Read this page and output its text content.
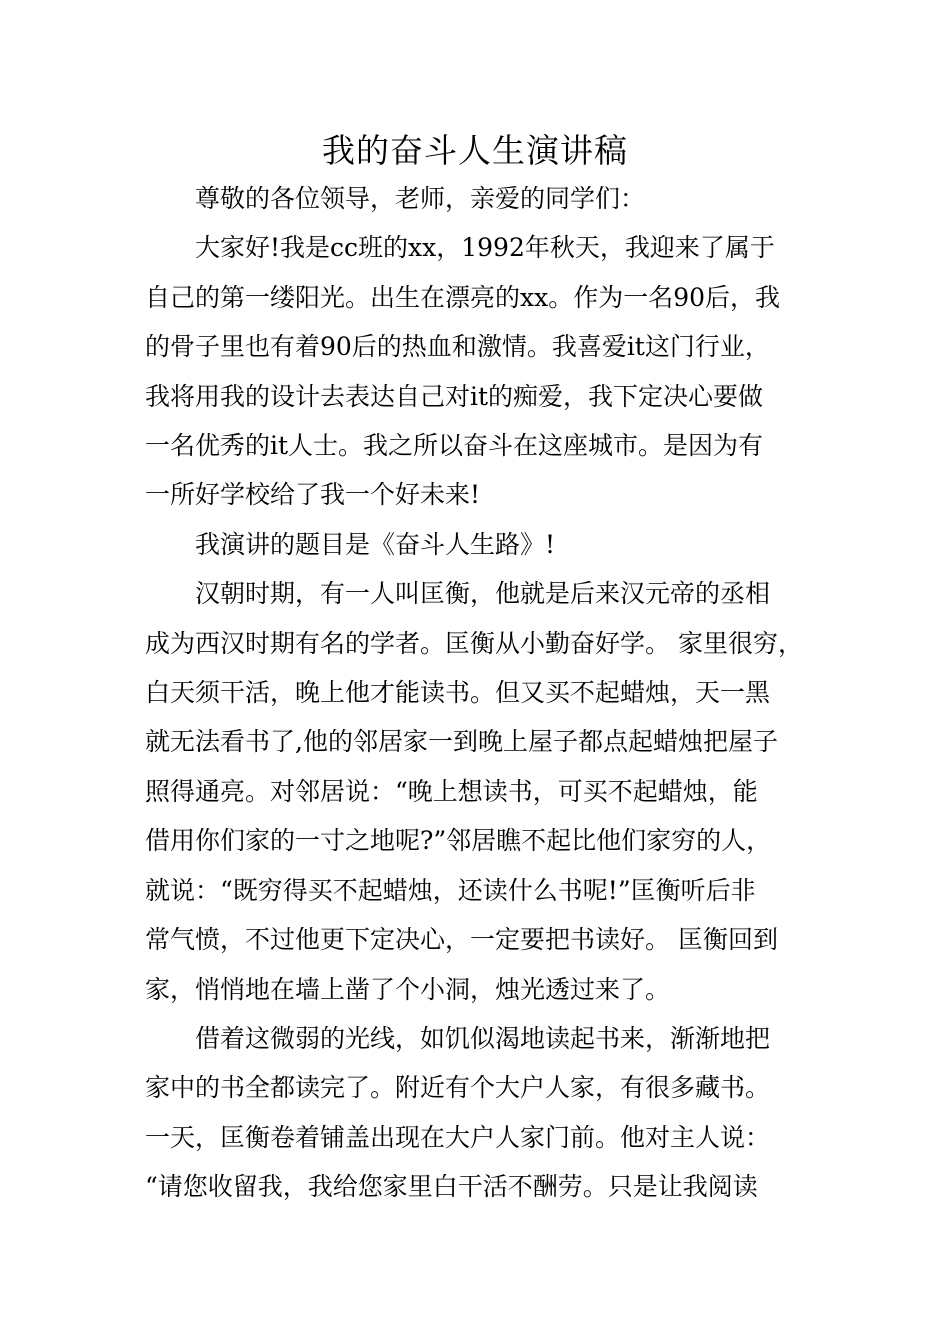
我的奋斗人生演讲稿

尊敬的各位领导，老师，亲爱的同学们：

大家好!我是cc班的xx，1992年秋天，我迎来了属于
自己的第一缕阳光。出生在漂亮的xx。作为一名90后，我
的骨子里也有着90后的热血和激情。我喜爱it这门行业，
我将用我的设计去表达自己对it的痴爱，我下定决心要做
一名优秀的it人士。我之所以奋斗在这座城市。是因为有
一所好学校给了我一个好未来!

我演讲的题目是《奋斗人生路》!

汉朝时期，有一人叫匡衡，他就是后来汉元帝的丞相
成为西汉时期有名的学者。匡衡从小勤奋好学。 家里很穷，
白天须干活，晚上他才能读书。但又买不起蜡烛，天一黑
就无法看书了,他的邻居家一到晚上屋子都点起蜡烛把屋子
照得通亮。对邻居说：“晚上想读书，可买不起蜡烛，能
借用你们家的一寸之地呢?”邻居瞧不起比他们家穷的人，
就说：“既穷得买不起蜡烛，还读什么书呢!”匡衡听后非
常气愤，不过他更下定决心，一定要把书读好。 匡衡回到
家，悄悄地在墙上凿了个小洞，烛光透过来了。

借着这微弱的光线，如饥似渴地读起书来，渐渐地把
家中的书全都读完了。附近有个大户人家，有很多藏书。
一天，匡衡卷着铺盖出现在大户人家门前。他对主人说：
“请您收留我，我给您家里白干活不酬劳。只是让我阅读
